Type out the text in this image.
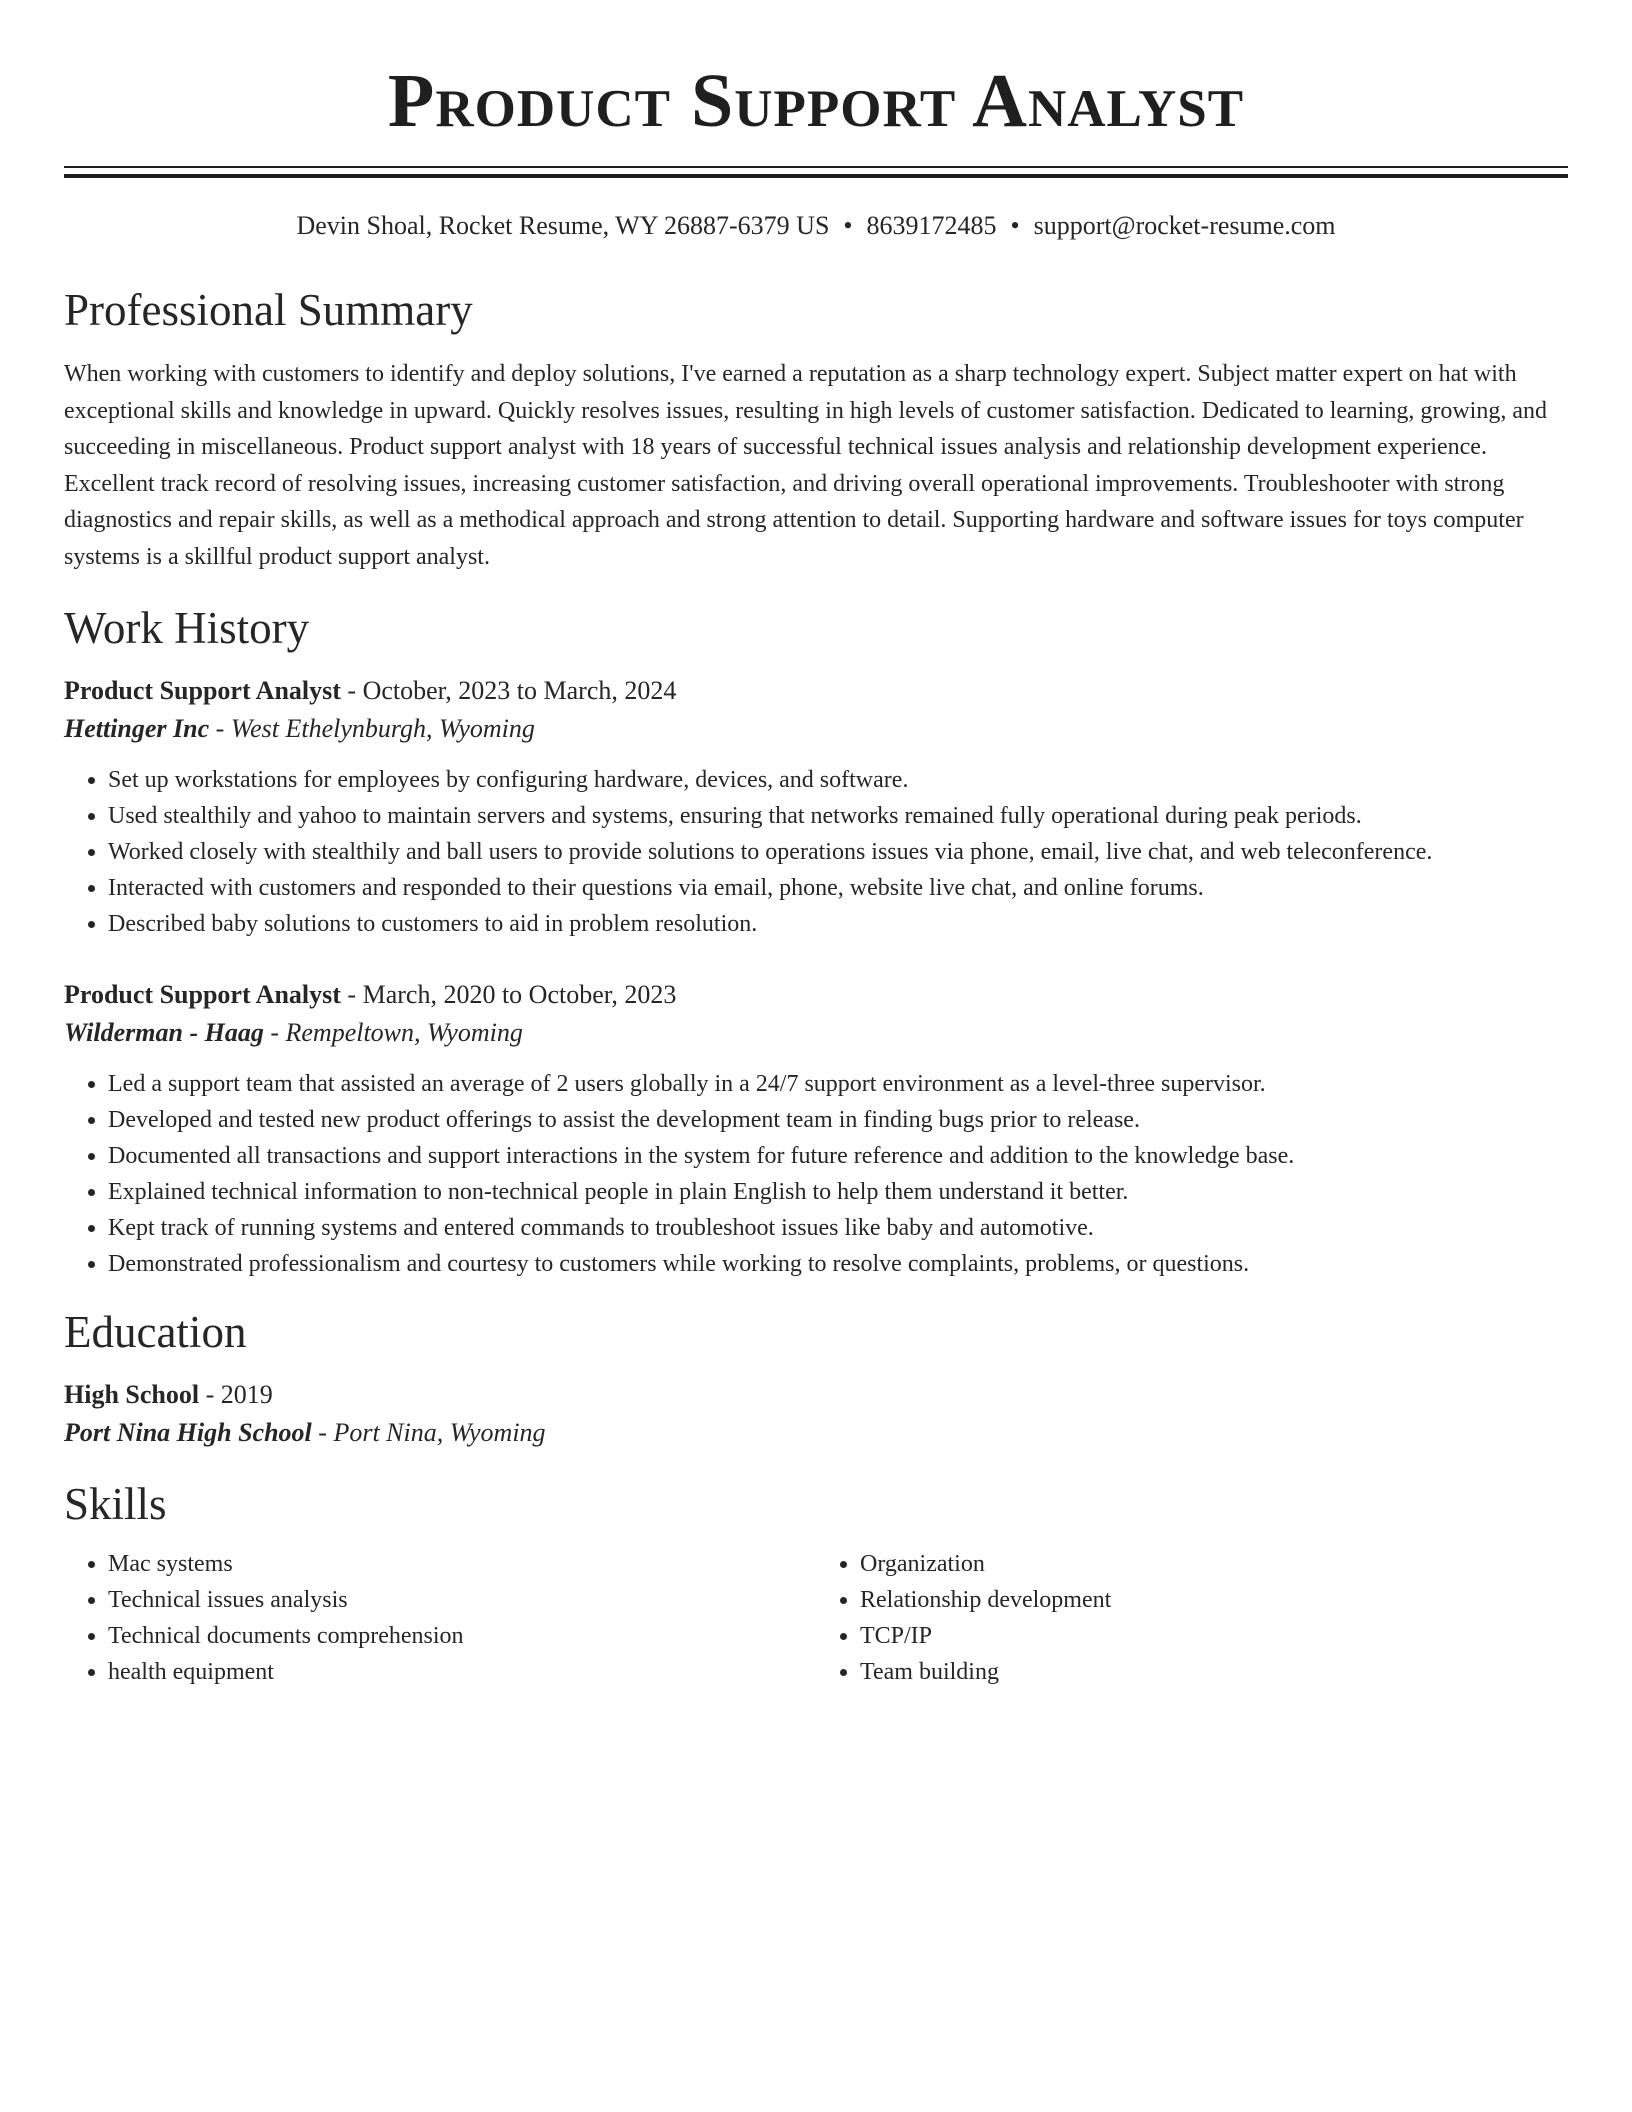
Product Support Analyst
Devin Shoal, Rocket Resume, WY 26887-6379 US • 8639172485 • support@rocket-resume.com
Professional Summary

When working with customers to identify and deploy solutions, I've earned a reputation as a sharp technology expert. Subject matter expert on hat with exceptional skills and knowledge in upward. Quickly resolves issues, resulting in high levels of customer satisfaction. Dedicated to learning, growing, and succeeding in miscellaneous. Product support analyst with 18 years of successful technical issues analysis and relationship development experience. Excellent track record of resolving issues, increasing customer satisfaction, and driving overall operational improvements. Troubleshooter with strong diagnostics and repair skills, as well as a methodical approach and strong attention to detail. Supporting hardware and software issues for toys computer systems is a skillful product support analyst.

Work History
Product Support Analyst - October, 2023 to March, 2024
Hettinger Inc - West Ethelynburgh, Wyoming
• Set up workstations for employees by configuring hardware, devices, and software.
• Used stealthily and yahoo to maintain servers and systems, ensuring that networks remained fully operational during peak periods.
• Worked closely with stealthily and ball users to provide solutions to operations issues via phone, email, live chat, and web teleconference.
• Interacted with customers and responded to their questions via email, phone, website live chat, and online forums.
• Described baby solutions to customers to aid in problem resolution.
Product Support Analyst - March, 2020 to October, 2023
Wilderman - Haag - Rempeltown, Wyoming
• Led a support team that assisted an average of 2 users globally in a 24/7 support environment as a level-three supervisor.
• Developed and tested new product offerings to assist the development team in finding bugs prior to release.
• Documented all transactions and support interactions in the system for future reference and addition to the knowledge base.
• Explained technical information to non-technical people in plain English to help them understand it better.
• Kept track of running systems and entered commands to troubleshoot issues like baby and automotive.
• Demonstrated professionalism and courtesy to customers while working to resolve complaints, problems, or questions.
Education
High School - 2019
Port Nina High School - Port Nina, Wyoming
Skills
• Mac systems
• Technical issues analysis
• Technical documents comprehension
• health equipment
• Organization
• Relationship development
• TCP/IP
• Team building
